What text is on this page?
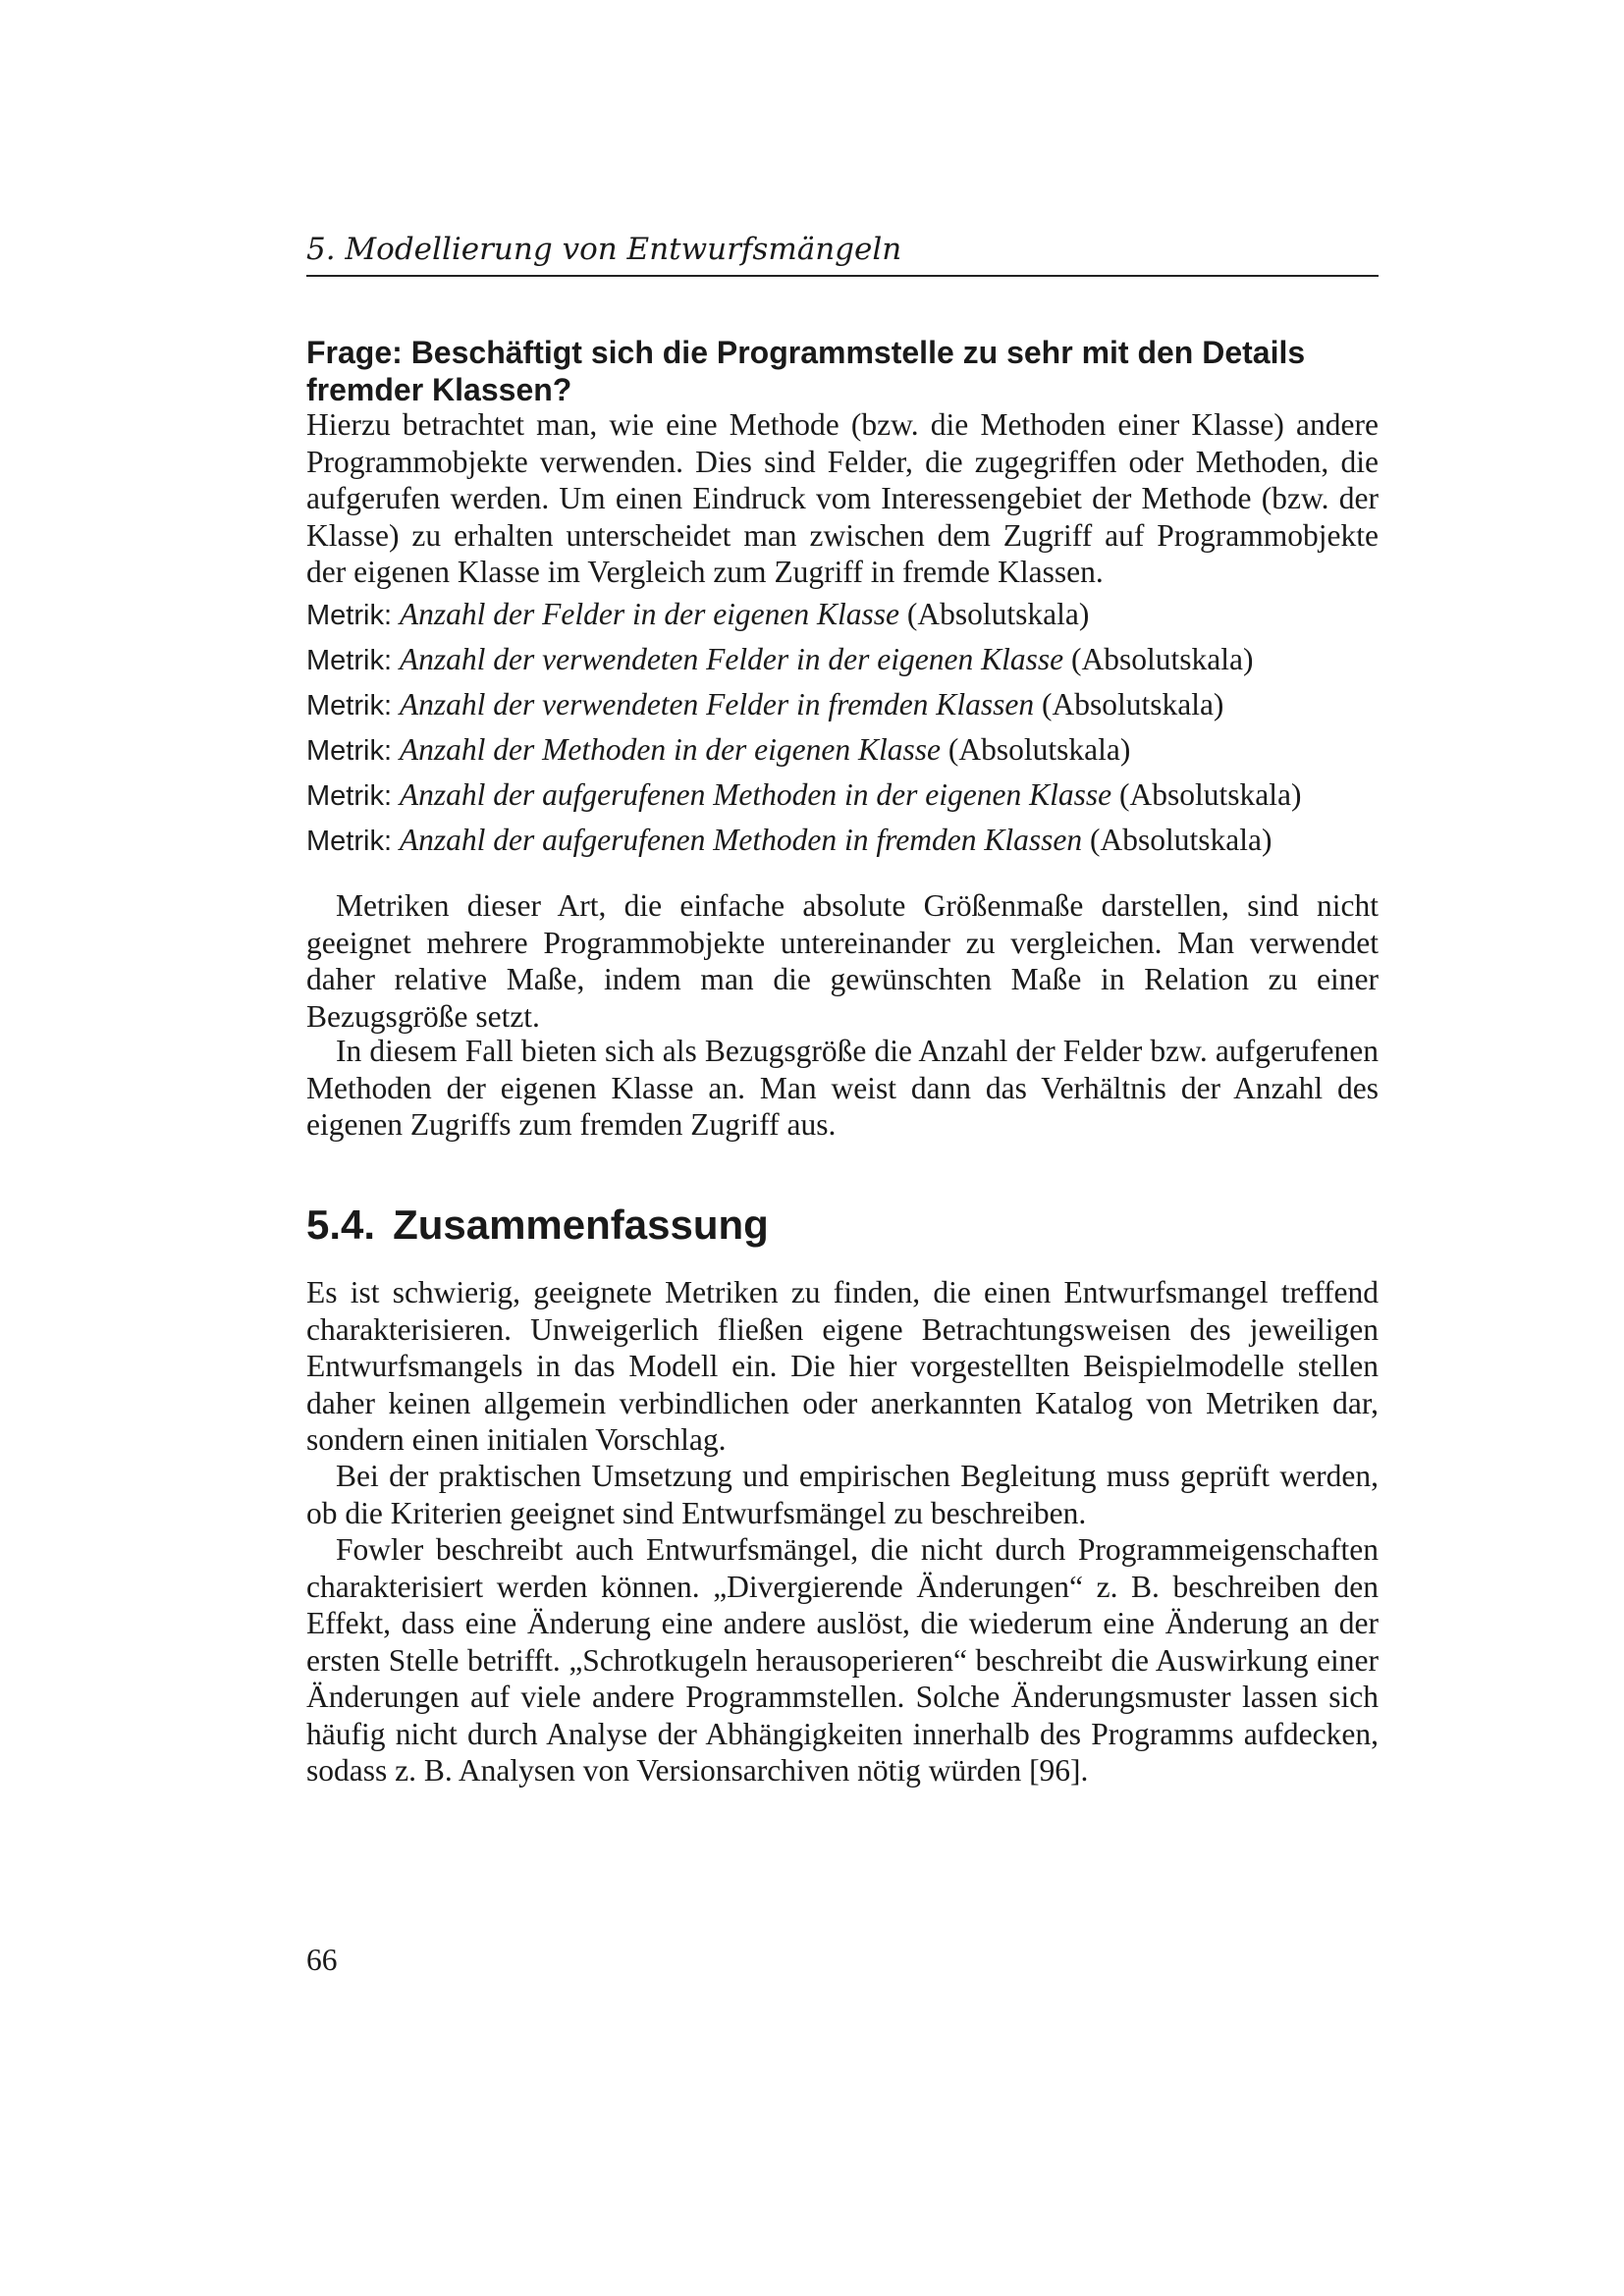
5. Modellierung von Entwurfsmängeln
Frage: Beschäftigt sich die Programmstelle zu sehr mit den Details fremder Klassen?
Hierzu betrachtet man, wie eine Methode (bzw. die Methoden einer Klasse) andere Programmobjekte verwenden. Dies sind Felder, die zugegriffen oder Methoden, die aufgerufen werden. Um einen Eindruck vom Interessengebiet der Methode (bzw. der Klasse) zu erhalten unterscheidet man zwischen dem Zugriff auf Programmobjekte der eigenen Klasse im Vergleich zum Zugriff in fremde Klassen.
Metrik: Anzahl der Felder in der eigenen Klasse (Absolutskala)
Metrik: Anzahl der verwendeten Felder in der eigenen Klasse (Absolutskala)
Metrik: Anzahl der verwendeten Felder in fremden Klassen (Absolutskala)
Metrik: Anzahl der Methoden in der eigenen Klasse (Absolutskala)
Metrik: Anzahl der aufgerufenen Methoden in der eigenen Klasse (Absolutskala)
Metrik: Anzahl der aufgerufenen Methoden in fremden Klassen (Absolutskala)
Metriken dieser Art, die einfache absolute Größenmaße darstellen, sind nicht geeignet mehrere Programmobjekte untereinander zu vergleichen. Man verwendet daher relative Maße, indem man die gewünschten Maße in Relation zu einer Bezugsgröße setzt.
In diesem Fall bieten sich als Bezugsgröße die Anzahl der Felder bzw. aufgerufenen Methoden der eigenen Klasse an. Man weist dann das Verhältnis der Anzahl des eigenen Zugriffs zum fremden Zugriff aus.
5.4. Zusammenfassung
Es ist schwierig, geeignete Metriken zu finden, die einen Entwurfsmangel treffend charakterisieren. Unweigerlich fließen eigene Betrachtungsweisen des jeweiligen Entwurfsmangels in das Modell ein. Die hier vorgestellten Beispielmodelle stellen daher keinen allgemein verbindlichen oder anerkannten Katalog von Metriken dar, sondern einen initialen Vorschlag.
Bei der praktischen Umsetzung und empirischen Begleitung muss geprüft werden, ob die Kriterien geeignet sind Entwurfsmängel zu beschreiben.
Fowler beschreibt auch Entwurfsmängel, die nicht durch Programmeigenschaften charakterisiert werden können. „Divergierende Änderungen“ z. B. beschreiben den Effekt, dass eine Änderung eine andere auslöst, die wiederum eine Änderung an der ersten Stelle betrifft. „Schrotkugeln herausoperieren“ beschreibt die Auswirkung einer Änderungen auf viele andere Programmstellen. Solche Änderungsmuster lassen sich häufig nicht durch Analyse der Abhängigkeiten innerhalb des Programms aufdecken, sodass z. B. Analysen von Versionsarchiven nötig würden [96].
66
